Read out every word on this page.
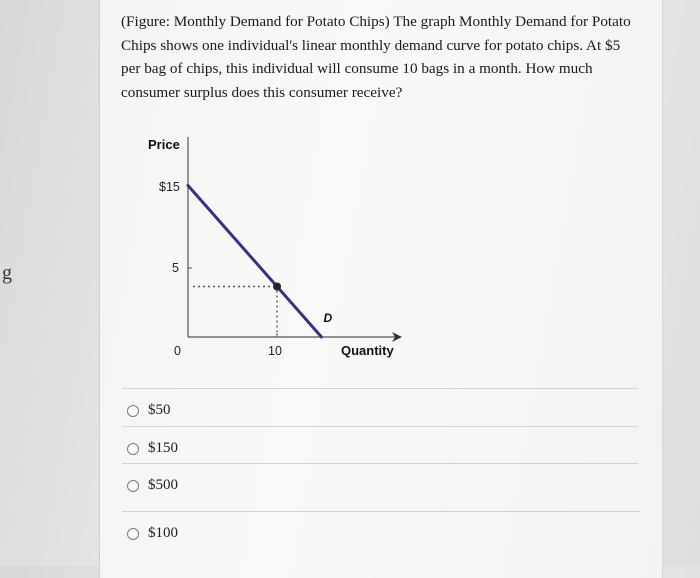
g
(Figure: Monthly Demand for Potato Chips) The graph Monthly Demand for Potato Chips shows one individual's linear monthly demand curve for potato chips. At $5 per bag of chips, this individual will consume 10 bags in a month. How much consumer surplus does this consumer receive?
Price
Quantity
$15
5
0	10
D
$50
$150
$500
$100
